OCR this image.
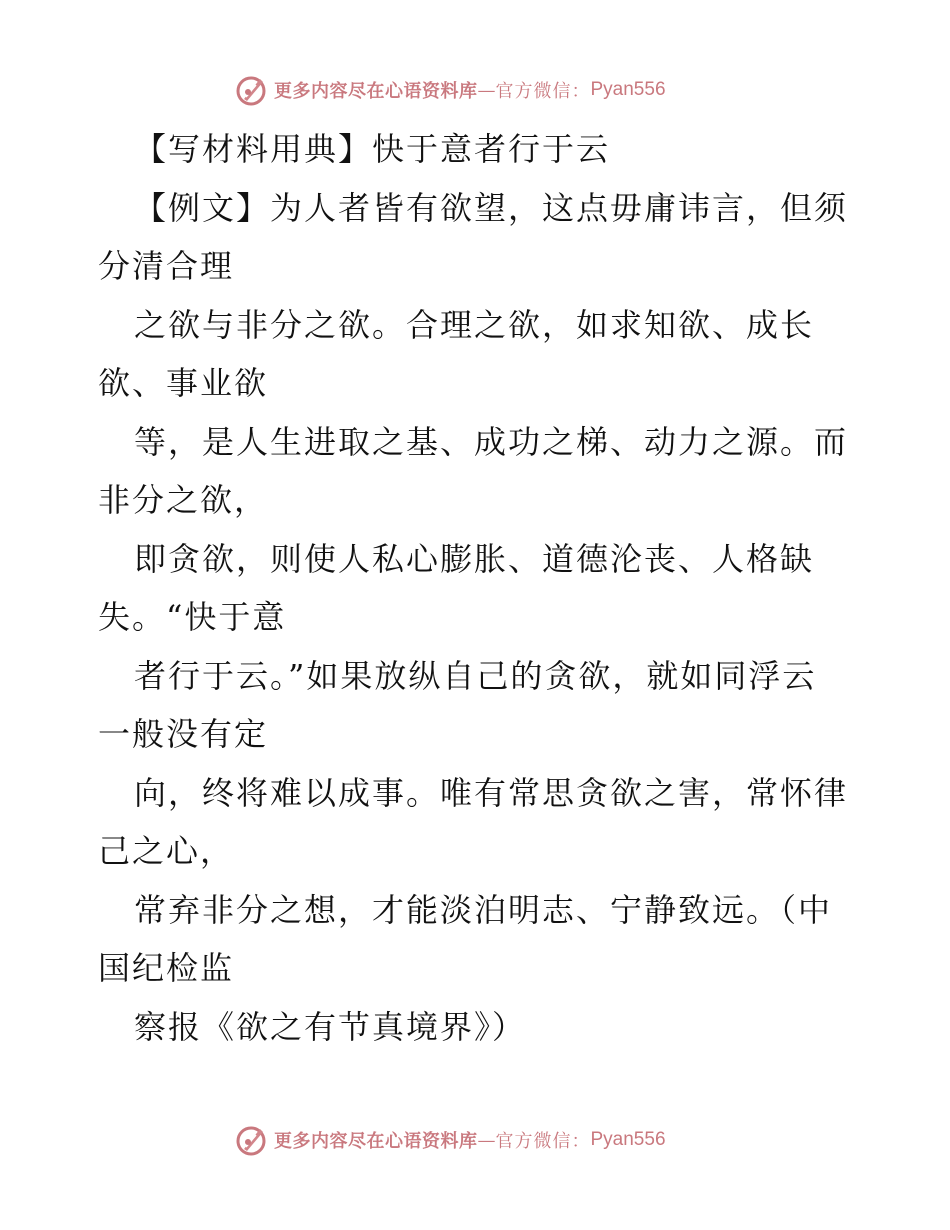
更多内容尽在心语资料库 — 官方微信： Pyan556
【写材料用典】快于意者行于云
【例文】为人者皆有欲望，这点毋庸讳言，但须
分清合理
之欲与非分之欲。合理之欲，如求知欲、成长
欲、事业欲
等，是人生进取之基、成功之梯、动力之源。而
非分之欲，
即贪欲，则使人私心膨胀、道德沦丧、人格缺
失。“快于意
者行于云。”如果放纵自己的贪欲，就如同浮云
一般没有定
向，终将难以成事。唯有常思贪欲之害，常怀律
己之心，
常弃非分之想，才能淡泊明志、宁静致远。（中
国纪检监
察报《欲之有节真境界》）
更多内容尽在心语资料库 — 官方微信： Pyan556
